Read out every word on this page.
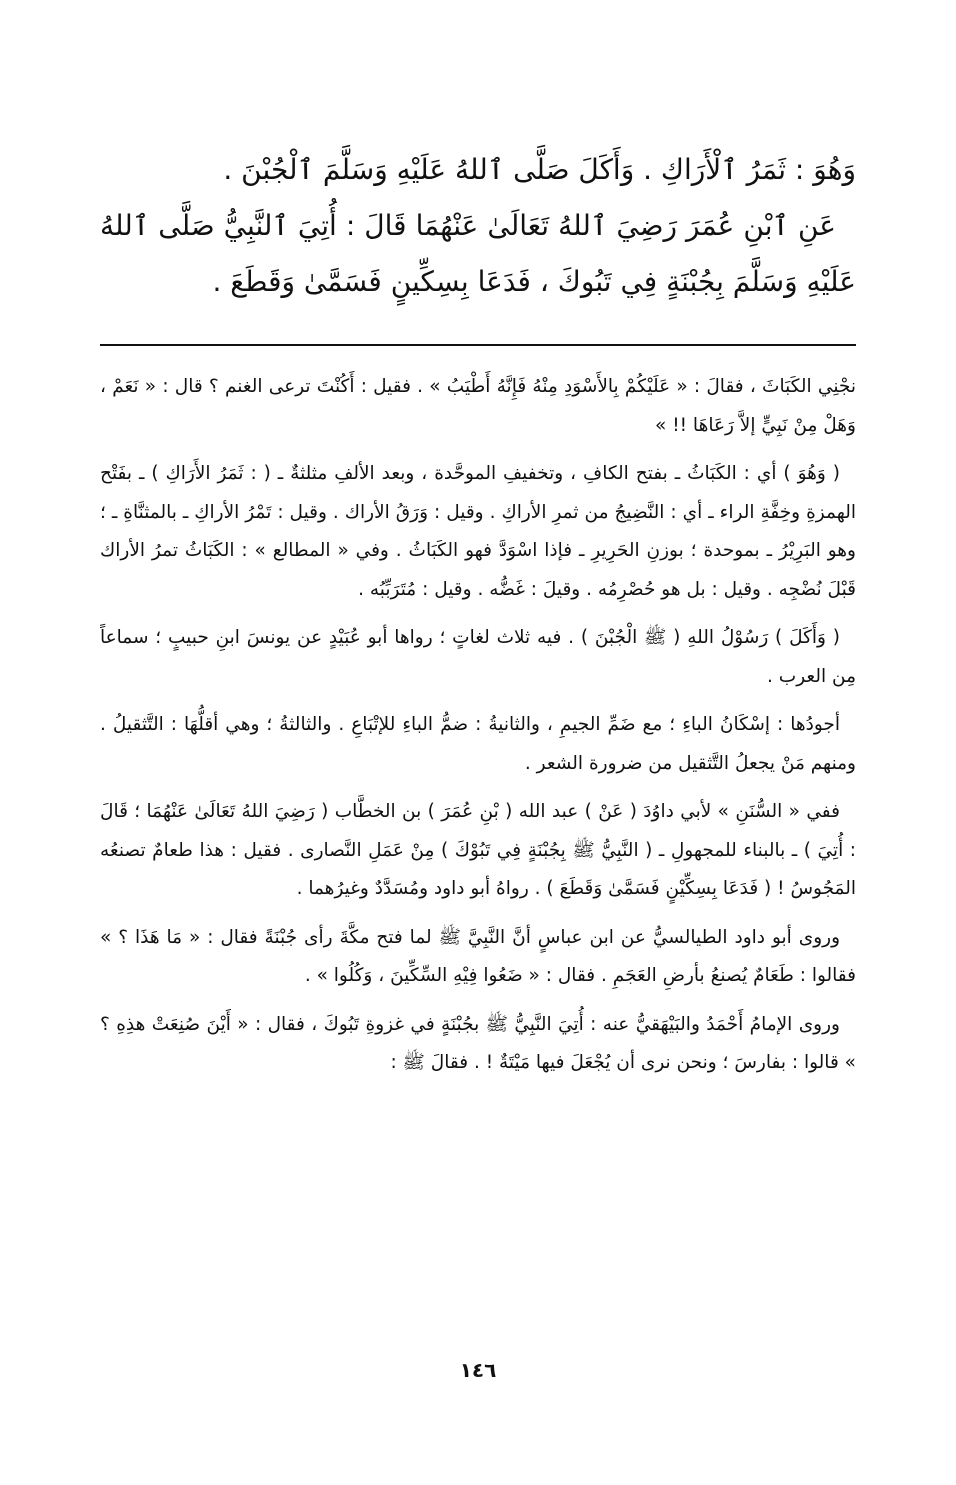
وَهُوَ : ثَمَرُ ٱلْأَرَاكِ . وَأَكَلَ صَلَّى ٱللهُ عَلَيْهِ وَسَلَّمَ ٱلْجُبْنَ .

عَنِ ٱبْنِ عُمَرَ رَضِيَ ٱللهُ تَعَالَىٰ عَنْهُمَا قَالَ : أُتِيَ ٱلنَّبِيُّ صَلَّى ٱللهُ عَلَيْهِ وَسَلَّمَ بِجُبْنَةٍ فِي تَبُوكَ ، فَدَعَا بِسِكِّينٍ فَسَمَّىٰ وَقَطَعَ .

نجْنِي الكَبَاثَ ، فقالَ : « عَلَيْكُمْ بِالأَسْوَدِ مِنْهُ فَإِنَّهُ أَطْيَبُ » . فقيل : أَكُنْتَ ترعى الغنم ؟ قال : « نَعَمْ ، وَهَلْ مِنْ نَبِيٍّ إلاَّ رَعَاهَا !! »

( وَهُوَ ) أي : الكَبَاثُ ـ بفتح الكافِ ، وتخفيفِ الموحَّدة ، وبعد الألفِ مثلثةٌ ـ ( : ثَمَرُ الأَرَاكِ ) ـ بفَتْح الهمزةِ وخِفَّةِ الراء ـ أي : النَّضِيجُ من ثمرِ الأراكِ . وقيل : وَرَقُ الأراك . وقيل : تَمْرُ الأراكِ ـ بالمثنَّاةِ ـ ؛ وهو البَرِيْرُ ـ بموحدة ؛ بوزنِ الحَرِيرِ ـ فإذا اسْوَدَّ فهو الكَبَاثُ . وفي « المطالع » : الكَبَاثُ تمرُ الأراك قَبْلَ نُضْجِه . وقيل : بل هو حُصْرِمُه . وقيلَ : غَضُّه . وقيل : مُتَرَبِّبُه .

( وَأَكَلَ ) رَسُوْلُ اللهِ ( ﷺ الْجُبْنَ ) . فيه ثلاث لغاتٍ ؛ رواها أبو عُبَيْدٍ عن يونسَ ابنِ حبيبٍ ؛ سماعاً مِن العرب .

أجودُها : إسْكَانُ الباءِ ؛ مع ضَمِّ الجيمِ ، والثانيةُ : ضمُّ الباءِ للإتْبَاعِ . والثالثةُ ؛ وهي أقلُّهَا : التَّثقيلُ . ومنهم مَنْ يجعلُ التَّثقيل من ضرورة الشعر .

ففي « السُّنَنِ » لأبي داوُدَ ( عَنْ ) عبد الله ( بْنِ عُمَرَ ) بن الخطَّاب ( رَضِيَ اللهُ تَعَالَىٰ عَنْهُمَا ؛ قَالَ : أُتِيَ ) ـ بالبناء للمجهولِ ـ ( النَّبِيُّ ﷺ بِجُبْنَةٍ فِي تَبُوْكَ ) مِنْ عَمَلِ النَّصارى . فقيل : هذا طعامٌ تصنعُه المَجُوسُ ! ( فَدَعَا بِسِكِّيْنٍ فَسَمَّىٰ وَقَطَعَ ) . رواهُ أبو داود ومُسَدَّدٌ وغيرُهما .

وروى أبو داود الطيالسيُّ عن ابن عباسٍ أنَّ النَّبِيَّ ﷺ لما فتح مكَّةَ رأى جُبْنَةً فقال : « مَا هَذَا ؟ » فقالوا : طَعَامٌ يُصنعُ بأرضِ العَجَمِ . فقال : « ضَعُوا فِيْهِ السِّكِّينَ ، وَكُلُوا » .

وروى الإمامُ أَحْمَدُ والبَيْهَقيُّ عنه : أُتِيَ النَّبِيُّ ﷺ بجُبْنَةٍ في غزوةِ تَبُوكَ ، فقال : « أَيْنَ صُنِعَتْ هذِهِ ؟ » قالوا : بفارسَ ؛ ونحن نرى أن يُجْعَلَ فيها مَيْتَةٌ ! . فقالَ ﷺ :

١٤٦
